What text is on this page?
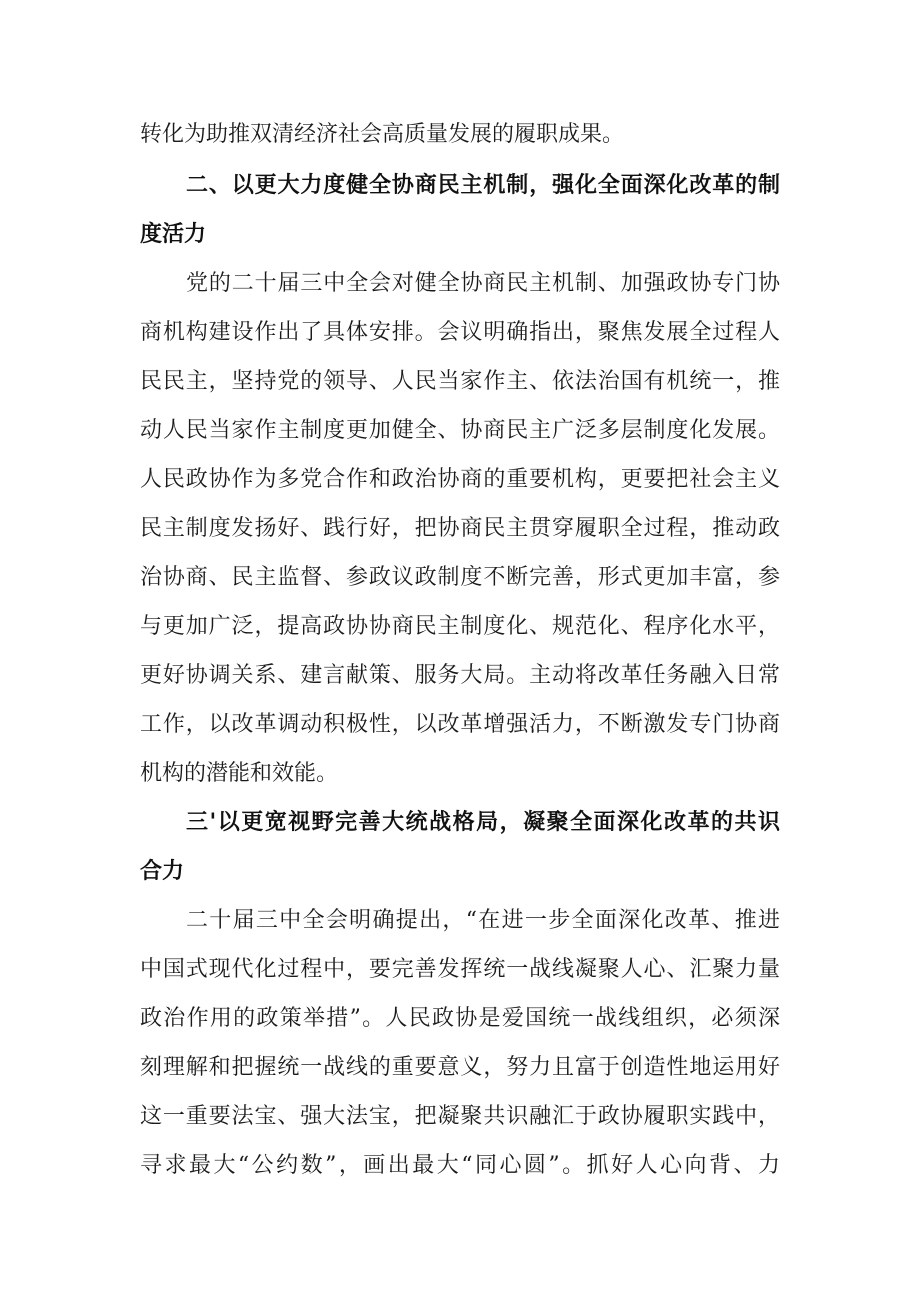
转化为助推双清经济社会高质量发展的履职成果。
二、以更大力度健全协商民主机制，强化全面深化改革的制
度活力
党的二十届三中全会对健全协商民主机制、加强政协专门协
商机构建设作出了具体安排。会议明确指出，聚焦发展全过程人
民民主，坚持党的领导、人民当家作主、依法治国有机统一，推
动人民当家作主制度更加健全、协商民主广泛多层制度化发展。
人民政协作为多党合作和政治协商的重要机构，更要把社会主义
民主制度发扬好、践行好，把协商民主贯穿履职全过程，推动政
治协商、民主监督、参政议政制度不断完善，形式更加丰富，参
与更加广泛，提高政协协商民主制度化、规范化、程序化水平，
更好协调关系、建言献策、服务大局。主动将改革任务融入日常
工作，以改革调动积极性，以改革增强活力，不断激发专门协商
机构的潜能和效能。
三'以更宽视野完善大统战格局，凝聚全面深化改革的共识
合力
二十届三中全会明确提出，“在进一步全面深化改革、推进
中国式现代化过程中，要完善发挥统一战线凝聚人心、汇聚力量
政治作用的政策举措”。人民政协是爱国统一战线组织，必须深
刻理解和把握统一战线的重要意义，努力且富于创造性地运用好
这一重要法宝、强大法宝，把凝聚共识融汇于政协履职实践中，
寻求最大“公约数”，画出最大“同心圆”。抓好人心向背、力
